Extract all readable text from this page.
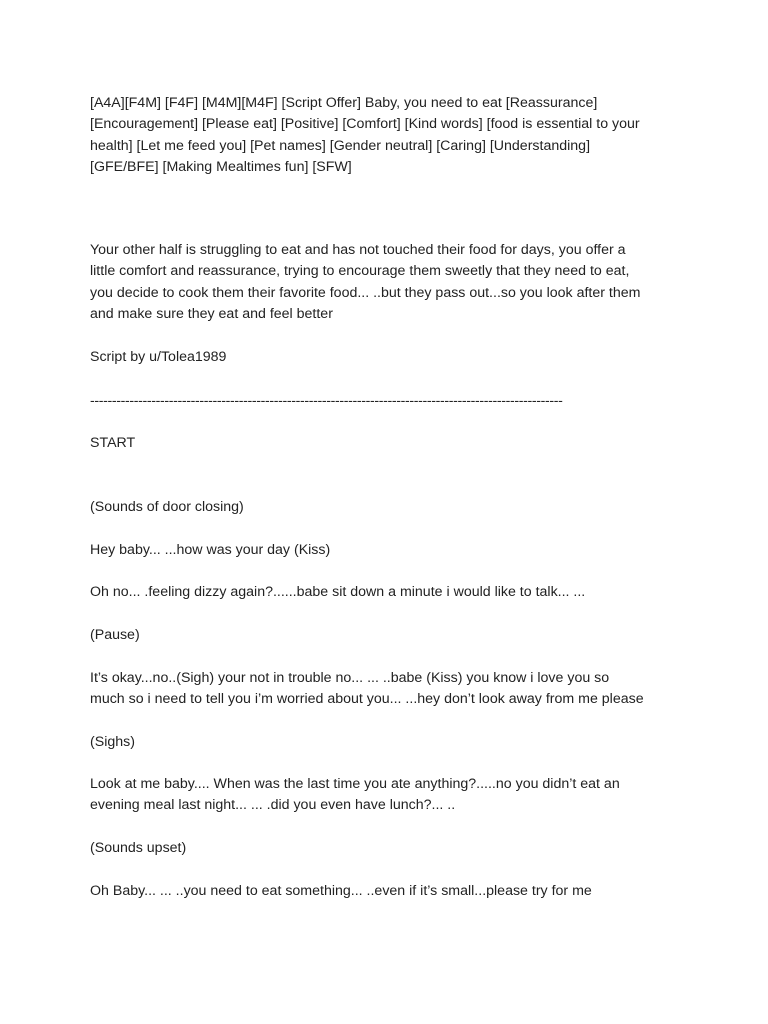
[A4A][F4M] [F4F] [M4M][M4F] [Script Offer] Baby, you need to eat [Reassurance]
[Encouragement] [Please eat] [Positive] [Comfort] [Kind words] [food is essential to your
health] [Let me feed you] [Pet names] [Gender neutral] [Caring] [Understanding]
[GFE/BFE] [Making Mealtimes fun] [SFW]

Your other half is struggling to eat and has not touched their food for days, you offer a
little comfort and reassurance, trying to encourage them sweetly that they need to eat,
you decide to cook them their favorite food... ..but they pass out...so you look after them
and make sure they eat and feel better

Script by u/Tolea1989

------------------------------------------------------------------------------------------------------------

START

(Sounds of door closing)

Hey baby... ...how was your day (Kiss)

Oh no... .feeling dizzy again?......babe sit down a minute i would like to talk... ...

(Pause)

It’s okay...no..(Sigh) your not in trouble no... ... ..babe (Kiss) you know i love you so
much so i need to tell you i’m worried about you... ...hey don’t look away from me please

(Sighs)

Look at me baby.... When was the last time you ate anything?.....no you didn’t eat an
evening meal last night... ... .did you even have lunch?... ..

(Sounds upset)

Oh Baby... ... ..you need to eat something... ..even if it’s small...please try for me
